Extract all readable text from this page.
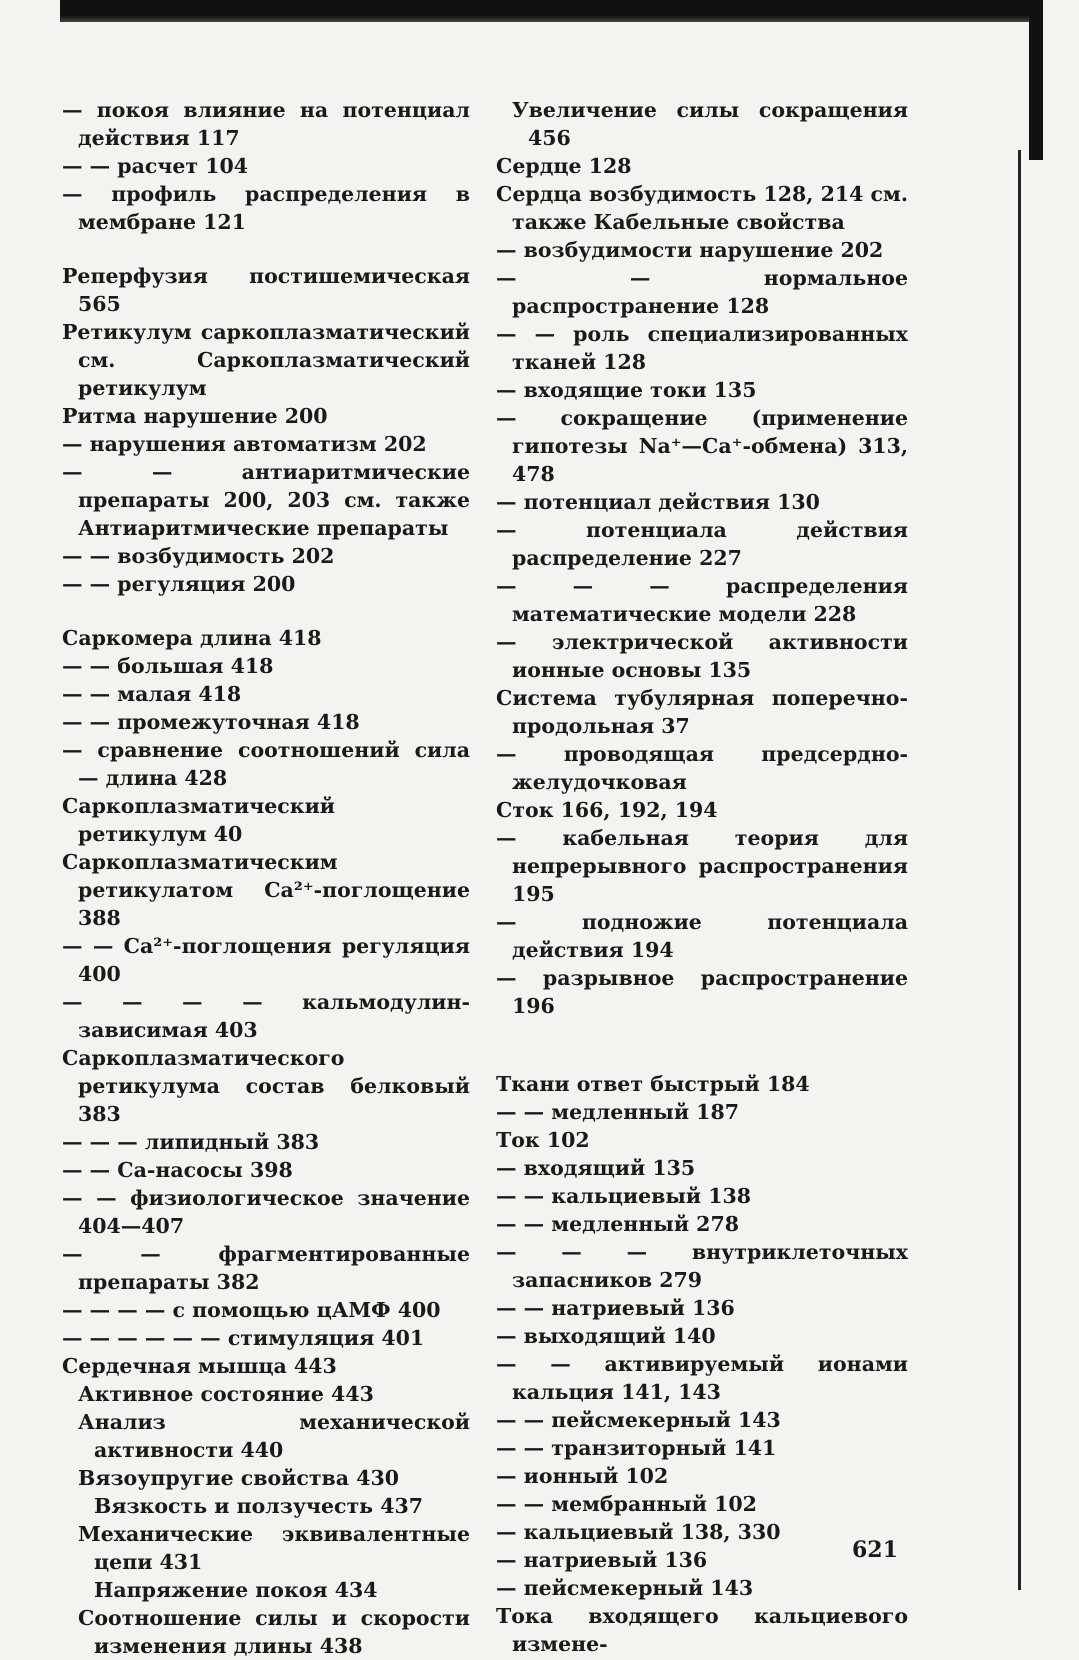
— покоя влияние на потенциал действия 117

— — расчет 104

— профиль распределения в мембране 121

Реперфузия постишемическая 565

Ретикулум саркоплазматический см. Саркоплазматический ретикулум

Ритма нарушение 200

— нарушения автоматизм 202

— — антиаритмические препараты 200, 203 см. также Антиаритмические препараты

— — возбудимость 202

— — регуляция 200

Саркомера длина 418

— — большая 418

— — малая 418

— — промежуточная 418

— сравнение соотношений сила — длина 428

Саркоплазматический ретикулум 40

Саркоплазматическим ретикулатом Ca²⁺-поглощение 388

— — Ca²⁺-поглощения регуляция 400

— — — — кальмодулин-зависимая 403

Саркоплазматического ретикулума состав белковый 383

— — — липидный 383

— — Са-насосы 398

— — физиологическое значение 404—407

— — фрагментированные препараты 382

— — — — с помощью цАМФ 400

— — — — — — стимуляция 401

Сердечная мышца 443

Активное состояние 443

Анализ механической активности 440

Вязоупругие свойства 430

Вязкость и ползучесть 437

Механические эквивалентные цепи 431

Напряжение покоя 434

Соотношение силы и скорости изменения длины 438

Увеличение силы сокращения 456

Сердце 128

Сердца возбудимость 128, 214 см. также Кабельные свойства

— возбудимости нарушение 202

— — нормальное распространение 128

— — роль специализированных тканей 128

— входящие токи 135

— сокращение (применение гипотезы Na⁺—Ca⁺-обмена) 313, 478

— потенциал действия 130

— потенциала действия распределение 227

— — — распределения математические модели 228

— электрической активности ионные основы 135

Система тубулярная поперечно-продольная 37

— проводящая предсердно-желудочковая

Сток 166, 192, 194

— кабельная теория для непрерывного распространения 195

— подножие потенциала действия 194

— разрывное распространение 196

Ткани ответ быстрый 184

— — медленный 187

Ток 102

— входящий 135

— — кальциевый 138

— — медленный 278

— — — внутриклеточных запасников 279

— — натриевый 136

— выходящий 140

— — активируемый ионами кальция 141, 143

— — пейсмекерный 143

— — транзиторный 141

— ионный 102

— — мембранный 102

— кальциевый 138, 330

— натриевый 136

— пейсмекерный 143

Тока входящего кальциевого измене-

621
